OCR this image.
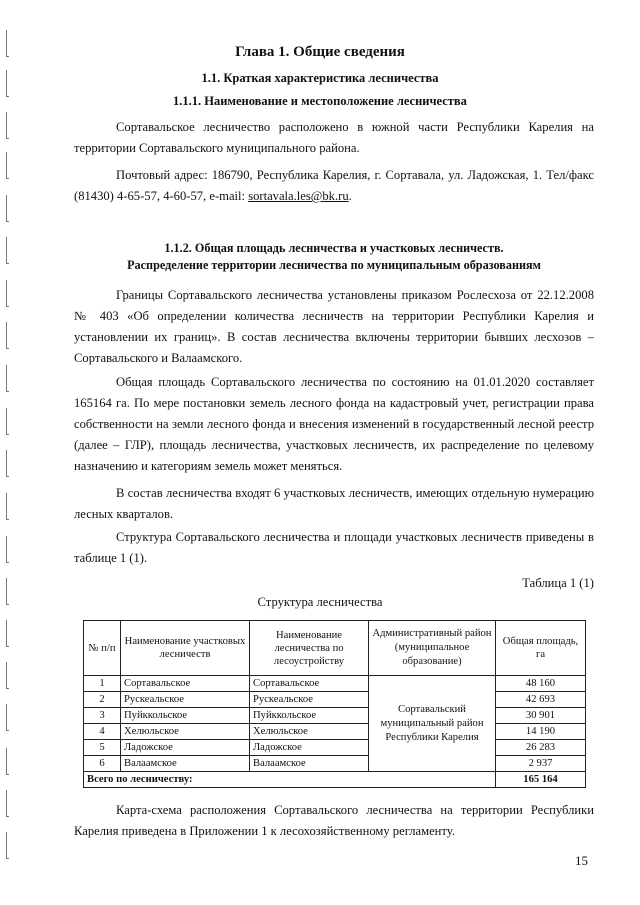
Глава 1. Общие сведения
1.1. Краткая характеристика лесничества
1.1.1. Наименование и местоположение лесничества
Сортавальское лесничество расположено в южной части Республики Карелия на территории Сортавальского муниципального района.
Почтовый адрес: 186790, Республика Карелия, г. Сортавала, ул. Ладожская, 1. Тел/факс (81430) 4-65-57, 4-60-57, e-mail: sortavala.les@bk.ru.
1.1.2. Общая площадь лесничества и участковых лесничеств.
Распределение территории лесничества по муниципальным образованиям
Границы Сортавальского лесничества установлены приказом Рослесхоза от 22.12.2008 № 403 «Об определении количества лесничеств на территории Республики Карелия и установлении их границ». В состав лесничества включены территории бывших лесхозов – Сортавальского и Валаамского.
Общая площадь Сортавальского лесничества по состоянию на 01.01.2020 составляет 165164 га. По мере постановки земель лесного фонда на кадастровый учет, регистрации права собственности на земли лесного фонда и внесения изменений в государственный лесной реестр (далее – ГЛР), площадь лесничества, участковых лесничеств, их распределение по целевому назначению и категориям земель может меняться.
В состав лесничества входят 6 участковых лесничеств, имеющих отдельную нумерацию лесных кварталов.
Структура Сортавальского лесничества и площади участковых лесничеств приведены в таблице 1 (1).
Таблица 1 (1)
Структура лесничества
№ п/п	Наименование участковых лесничеств	Наименование лесничества по лесоустройству	Административный район (муниципальное образование)	Общая площадь, га
1	Сортавальское	Сортавальское	Сортавальский муниципальный район Республики Карелия	48 160
2	Рускеальское	Рускеальское		42 693
3	Пуйккольское	Пуйккольское		30 901
4	Хелюльское	Хелюльское		14 190
5	Ладожское	Ладожское		26 283
6	Валаамское	Валаамское		2 937
Всего по лесничеству:				165 164
Карта-схема расположения Сортавальского лесничества на территории Республики Карелия приведена в Приложении 1 к лесохозяйственному регламенту.
15
